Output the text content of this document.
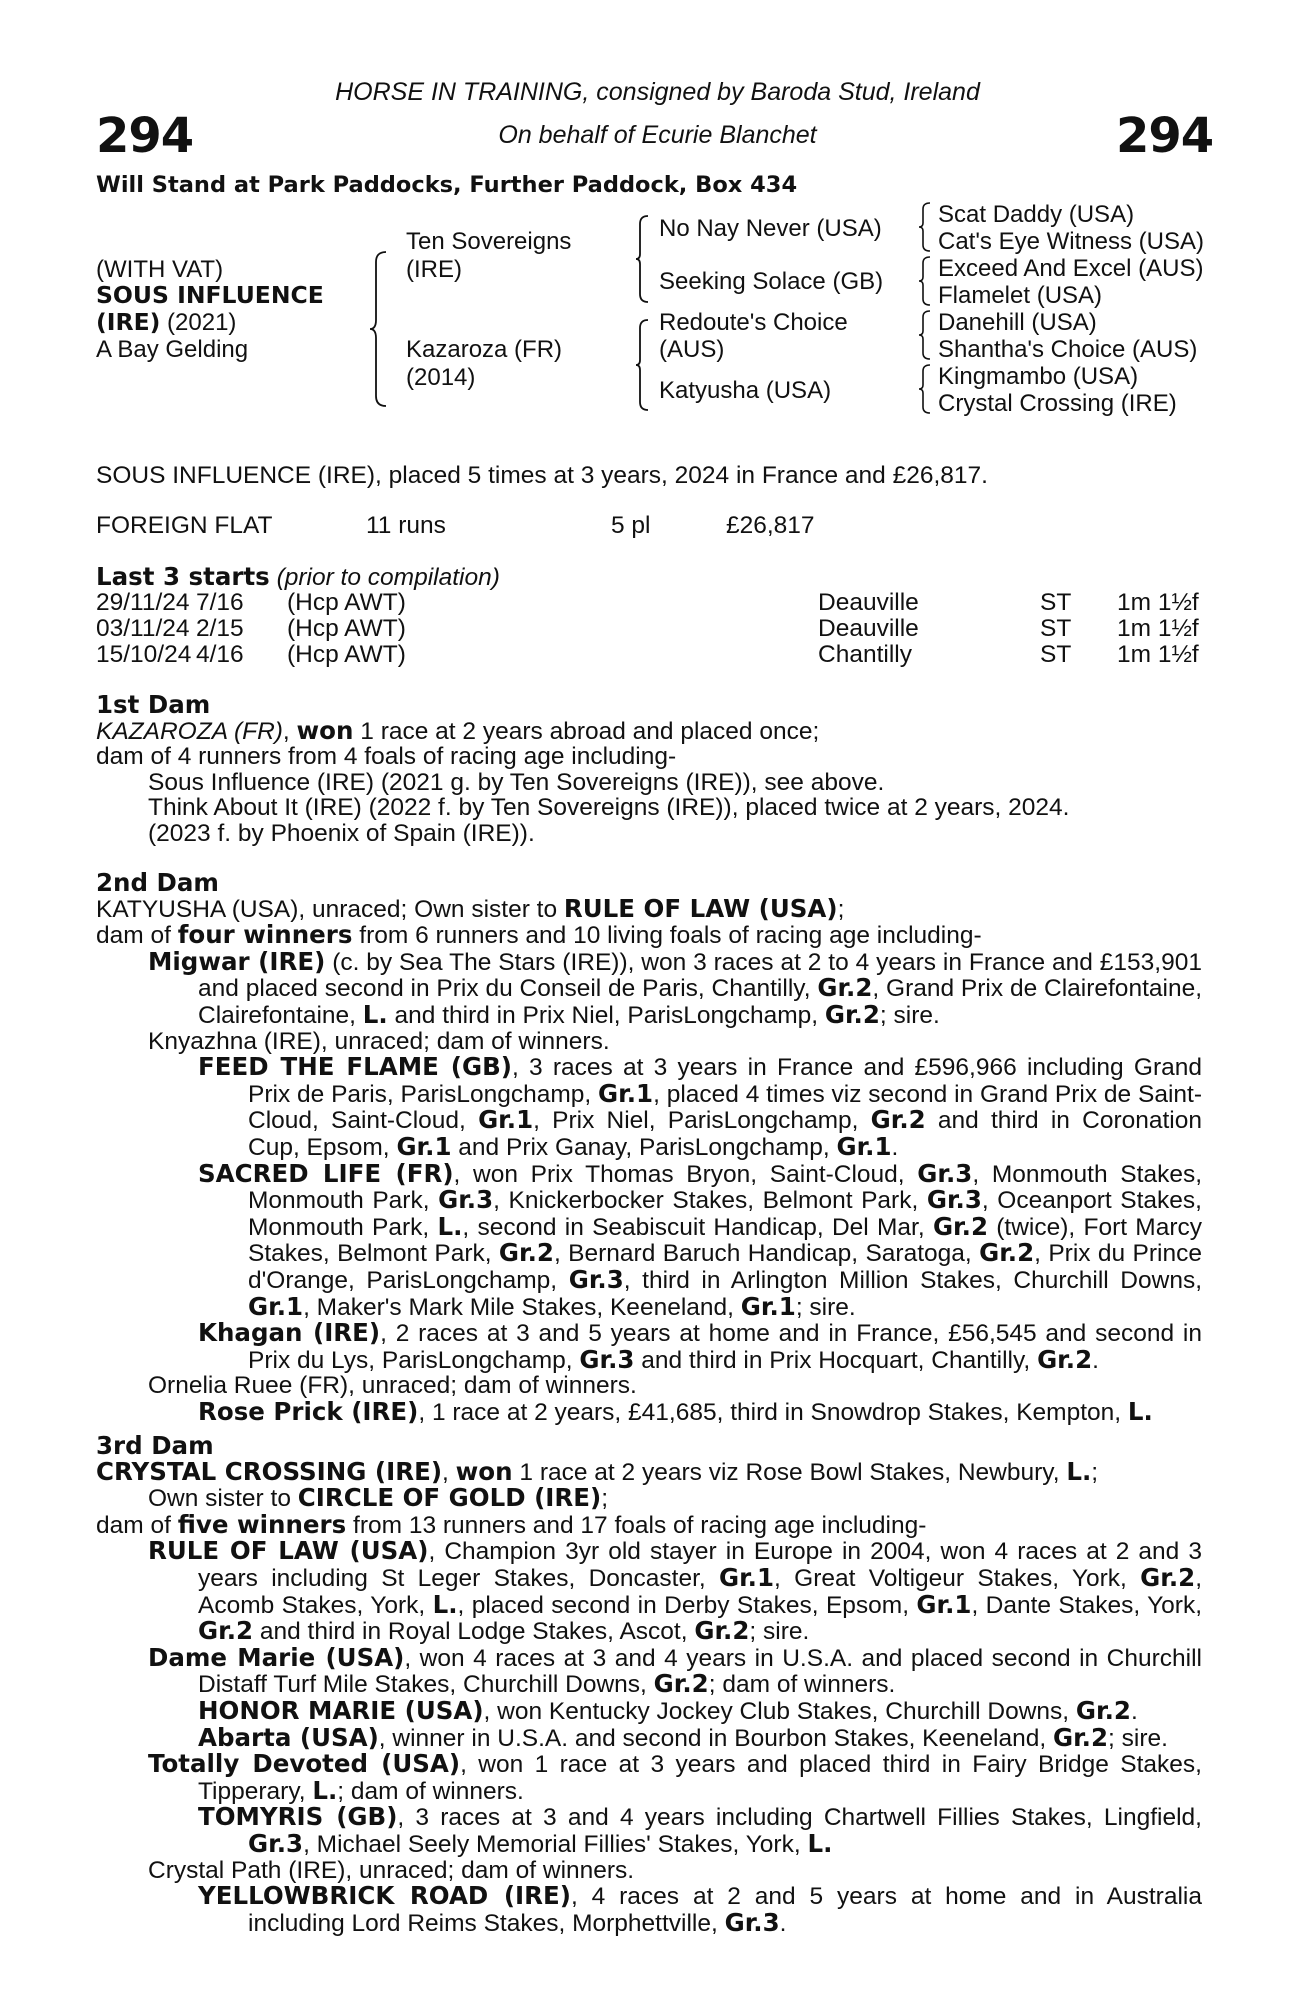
294	294
HORSE IN TRAINING, consigned by Baroda Stud, Ireland
On behalf of Ecurie Blanchet
Will Stand at Park Paddocks, Further Paddock, Box 434
(WITH VAT)
SOUS INFLUENCE
(IRE) (2021)
A Bay Gelding
Ten Sovereigns
(IRE)
Kazaroza (FR)
(2014)
No Nay Never (USA)
Seeking Solace (GB)
Redoute's Choice
(AUS)
Katyusha (USA)
Scat Daddy (USA)
Cat's Eye Witness (USA)
Exceed And Excel (AUS)
Flamelet (USA)
Danehill (USA)
Shantha's Choice (AUS)
Kingmambo (USA)
Crystal Crossing (IRE)
SOUS INFLUENCE (IRE), placed 5 times at 3 years, 2024 in France and £26,817.
FOREIGN FLAT	11 runs	5 pl	£26,817
Last 3 starts (prior to compilation)
29/11/24 7/16 (Hcp AWT)	Deauville	ST 1m 1½f
03/11/24 2/15 (Hcp AWT)	Deauville	ST 1m 1½f
15/10/24 4/16 (Hcp AWT)	Chantilly	ST 1m 1½f
1st Dam
KAZAROZA (FR), won 1 race at 2 years abroad and placed once;
dam of 4 runners from 4 foals of racing age including-
Sous Influence (IRE) (2021 g. by Ten Sovereigns (IRE)), see above.
Think About It (IRE) (2022 f. by Ten Sovereigns (IRE)), placed twice at 2 years, 2024.
(2023 f. by Phoenix of Spain (IRE)).
2nd Dam
KATYUSHA (USA), unraced; Own sister to RULE OF LAW (USA);
dam of four winners from 6 runners and 10 living foals of racing age including-
Migwar (IRE) (c. by Sea The Stars (IRE)), won 3 races at 2 to 4 years in France and £153,901 and placed second in Prix du Conseil de Paris, Chantilly, Gr.2, Grand Prix de Clairefontaine, Clairefontaine, L. and third in Prix Niel, ParisLongchamp, Gr.2; sire.
Knyazhna (IRE), unraced; dam of winners.
FEED THE FLAME (GB), 3 races at 3 years in France and £596,966 including Grand Prix de Paris, ParisLongchamp, Gr.1, placed 4 times viz second in Grand Prix de Saint-Cloud, Saint-Cloud, Gr.1, Prix Niel, ParisLongchamp, Gr.2 and third in Coronation Cup, Epsom, Gr.1 and Prix Ganay, ParisLongchamp, Gr.1.
SACRED LIFE (FR), won Prix Thomas Bryon, Saint-Cloud, Gr.3, Monmouth Stakes, Monmouth Park, Gr.3, Knickerbocker Stakes, Belmont Park, Gr.3, Oceanport Stakes, Monmouth Park, L., second in Seabiscuit Handicap, Del Mar, Gr.2 (twice), Fort Marcy Stakes, Belmont Park, Gr.2, Bernard Baruch Handicap, Saratoga, Gr.2, Prix du Prince d'Orange, ParisLongchamp, Gr.3, third in Arlington Million Stakes, Churchill Downs, Gr.1, Maker's Mark Mile Stakes, Keeneland, Gr.1; sire.
Khagan (IRE), 2 races at 3 and 5 years at home and in France, £56,545 and second in Prix du Lys, ParisLongchamp, Gr.3 and third in Prix Hocquart, Chantilly, Gr.2.
Ornelia Ruee (FR), unraced; dam of winners.
Rose Prick (IRE), 1 race at 2 years, £41,685, third in Snowdrop Stakes, Kempton, L.
3rd Dam
CRYSTAL CROSSING (IRE), won 1 race at 2 years viz Rose Bowl Stakes, Newbury, L.;
Own sister to CIRCLE OF GOLD (IRE);
dam of five winners from 13 runners and 17 foals of racing age including-
RULE OF LAW (USA), Champion 3yr old stayer in Europe in 2004, won 4 races at 2 and 3 years including St Leger Stakes, Doncaster, Gr.1, Great Voltigeur Stakes, York, Gr.2, Acomb Stakes, York, L., placed second in Derby Stakes, Epsom, Gr.1, Dante Stakes, York, Gr.2 and third in Royal Lodge Stakes, Ascot, Gr.2; sire.
Dame Marie (USA), won 4 races at 3 and 4 years in U.S.A. and placed second in Churchill Distaff Turf Mile Stakes, Churchill Downs, Gr.2; dam of winners.
HONOR MARIE (USA), won Kentucky Jockey Club Stakes, Churchill Downs, Gr.2.
Abarta (USA), winner in U.S.A. and second in Bourbon Stakes, Keeneland, Gr.2; sire.
Totally Devoted (USA), won 1 race at 3 years and placed third in Fairy Bridge Stakes, Tipperary, L.; dam of winners.
TOMYRIS (GB), 3 races at 3 and 4 years including Chartwell Fillies Stakes, Lingfield, Gr.3, Michael Seely Memorial Fillies' Stakes, York, L.
Crystal Path (IRE), unraced; dam of winners.
YELLOWBRICK ROAD (IRE), 4 races at 2 and 5 years at home and in Australia including Lord Reims Stakes, Morphettville, Gr.3.
